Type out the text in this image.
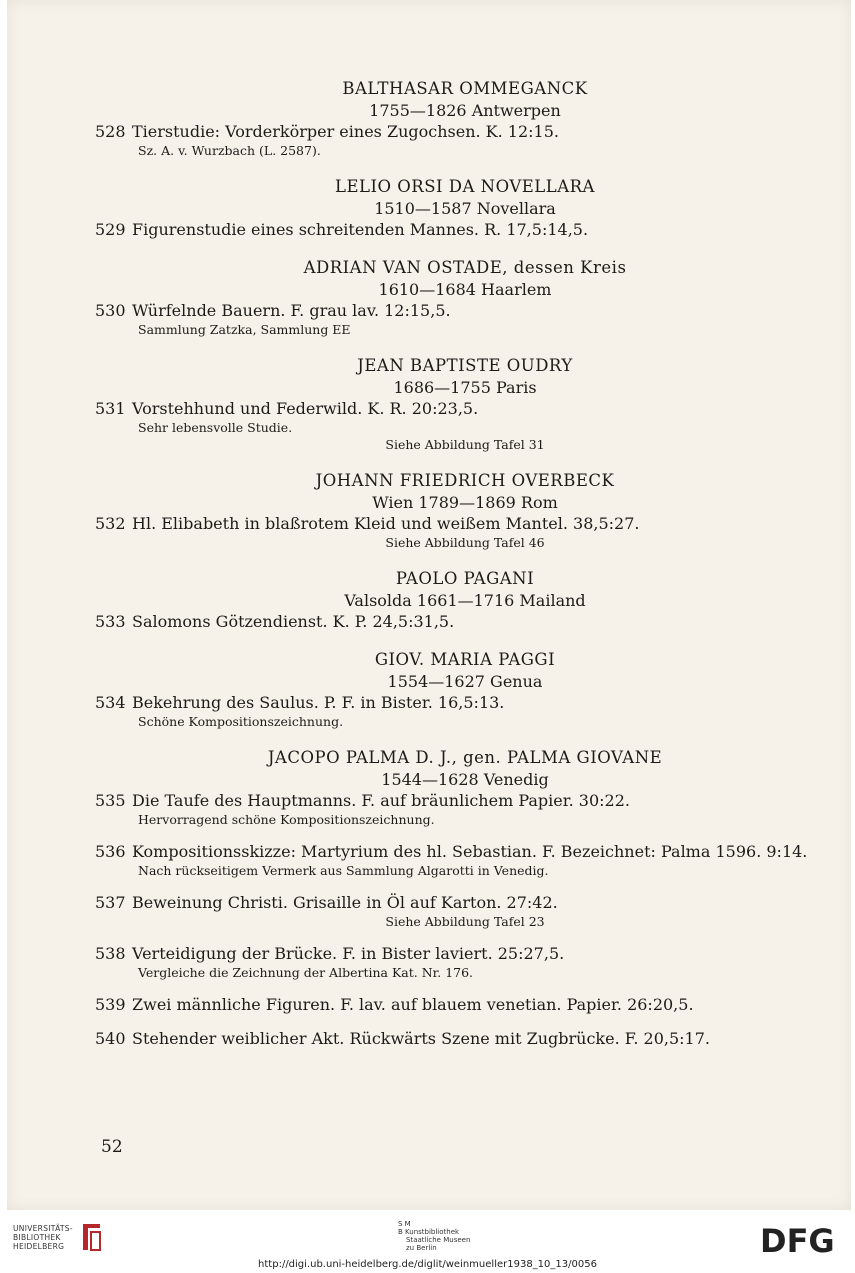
BALTHASAR OMMEGANCK
1755—1826 Antwerpen
528 Tierstudie: Vorderkörper eines Zugochsen. K. 12:15.
Sz. A. v. Wurzbach (L. 2587).
LELIO ORSI DA NOVELLARA
1510—1587 Novellara
529 Figurenstudie eines schreitenden Mannes. R. 17,5:14,5.
ADRIAN VAN OSTADE, dessen Kreis
1610—1684 Haarlem
530 Würfelnde Bauern. F. grau lav. 12:15,5.
Sammlung Zatzka, Sammlung EE
JEAN BAPTISTE OUDRY
1686—1755 Paris
531 Vorstehhund und Federwild. K. R. 20:23,5.
Sehr lebensvolle Studie.
Siehe Abbildung Tafel 31
JOHANN FRIEDRICH OVERBECK
Wien 1789—1869 Rom
532 Hl. Elibabeth in blaßrotem Kleid und weißem Mantel. 38,5:27.
Siehe Abbildung Tafel 46
PAOLO PAGANI
Valsolda 1661—1716 Mailand
533 Salomons Götzendienst. K. P. 24,5:31,5.
GIOV. MARIA PAGGI
1554—1627 Genua
534 Bekehrung des Saulus. P. F. in Bister. 16,5:13.
Schöne Kompositionszeichnung.
JACOPO PALMA D. J., gen. PALMA GIOVANE
1544—1628 Venedig
535 Die Taufe des Hauptmanns. F. auf bräunlichem Papier. 30:22.
Hervorragend schöne Kompositionszeichnung.
536 Kompositionsskizze: Martyrium des hl. Sebastian. F. Bezeichnet: Palma 1596. 9:14.
Nach rückseitigem Vermerk aus Sammlung Algarotti in Venedig.
537 Beweinung Christi. Grisaille in Öl auf Karton. 27:42.
Siehe Abbildung Tafel 23
538 Verteidigung der Brücke. F. in Bister laviert. 25:27,5.
Vergleiche die Zeichnung der Albertina Kat. Nr. 176.
539 Zwei männliche Figuren. F. lav. auf blauem venetian. Papier. 26:20,5.
540 Stehender weiblicher Akt. Rückwärts Szene mit Zugbrücke. F. 20,5:17.
52
UNIVERSITÄTS-
BIBLIOTHEK
HEIDELBERG
S M
B Kunstbibliothek
Staatliche Museen
zu Berlin	DFG
http://digi.ub.uni-heidelberg.de/diglit/weinmueller1938_10_13/0056
